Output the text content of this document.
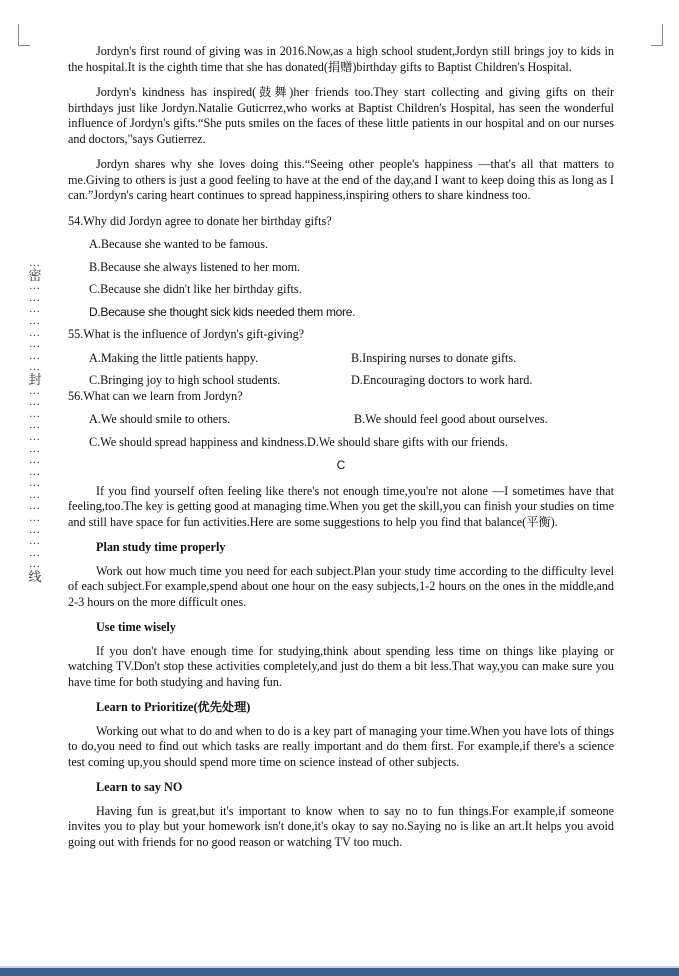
…
密
…
…
…
…
…
…
…
…
封
…
…
…
…
…
…
…
…
…
…
…
…
…
…
…
…
线

Jordyn's first round of giving was in 2016.Now,as a high school student,Jordyn still brings joy to kids in the hospital.It is the cighth time that she has donated(捐赠)birthday gifts to Baptist Children's Hospital.

Jordyn's kindness has inspired(鼓舞)her friends too.They start collecting and giving gifts on their birthdays just like Jordyn.Natalie Guticrrez,who works at Baptist Children's Hospital, has seen the wonderful influence of Jordyn's gifts.“She puts smiles on the faces of these little patients in our hospital and on our nurses and doctors,"says Gutierrez.

Jordyn shares why she loves doing this.“Seeing other people's happiness —that's all that matters to me.Giving to others is just a good feeling to have at the end of the day,and I want to keep doing this as long as I can.”Jordyn's caring heart continues to spread happiness,inspiring others to share kindness too.

54.Why did Jordyn agree to donate her birthday gifts?
A.Because she wanted to be famous.
B.Because she always listened to her mom.
C.Because she didn't like her birthday gifts.
D.Because she thought sick kids needed them more.
55.What is the influence of Jordyn's gift-giving?
A.Making the little patients happy.	B.Inspiring nurses to donate gifts.
C.Bringing joy to high school students.	D.Encouraging doctors to work hard.
56.What can we learn from Jordyn?
A.We should smile to others.	B.We should feel good about ourselves.
C.We should spread happiness and kindness.D.We should share gifts with our friends.
C

If you find yourself often feeling like there's not enough time,you're not alone —I sometimes have that feeling,too.The key is getting good at managing time.When you get the skill,you can finish your studies on time and still have space for fun activities.Here are some suggestions to help you find that balance(平衡).

Plan study time properly

Work out how much time you need for each subject.Plan your study time according to the difficulty level of each subject.For example,spend about one hour on the easy subjects,1-2 hours on the ones in the middle,and 2-3 hours on the more difficult ones.

Use time wisely

If you don't have enough time for studying,think about spending less time on things like playing or watching TV.Don't stop these activities completely,and just do them a bit less.That way,you can make sure you have time for both studying and having fun.

Learn to Prioritize(优先处理)

Working out what to do and when to do is a key part of managing your time.When you have lots of things to do,you need to find out which tasks are really important and do them first. For example,if there's a science test coming up,you should spend more time on science instead of other subjects.

Learn to say NO

Having fun is great,but it's important to know when to say no to fun things.For example,if someone invites you to play but your homework isn't done,it's okay to say no.Saying no is like an art.It helps you avoid going out with friends for no good reason or watching TV too much.
